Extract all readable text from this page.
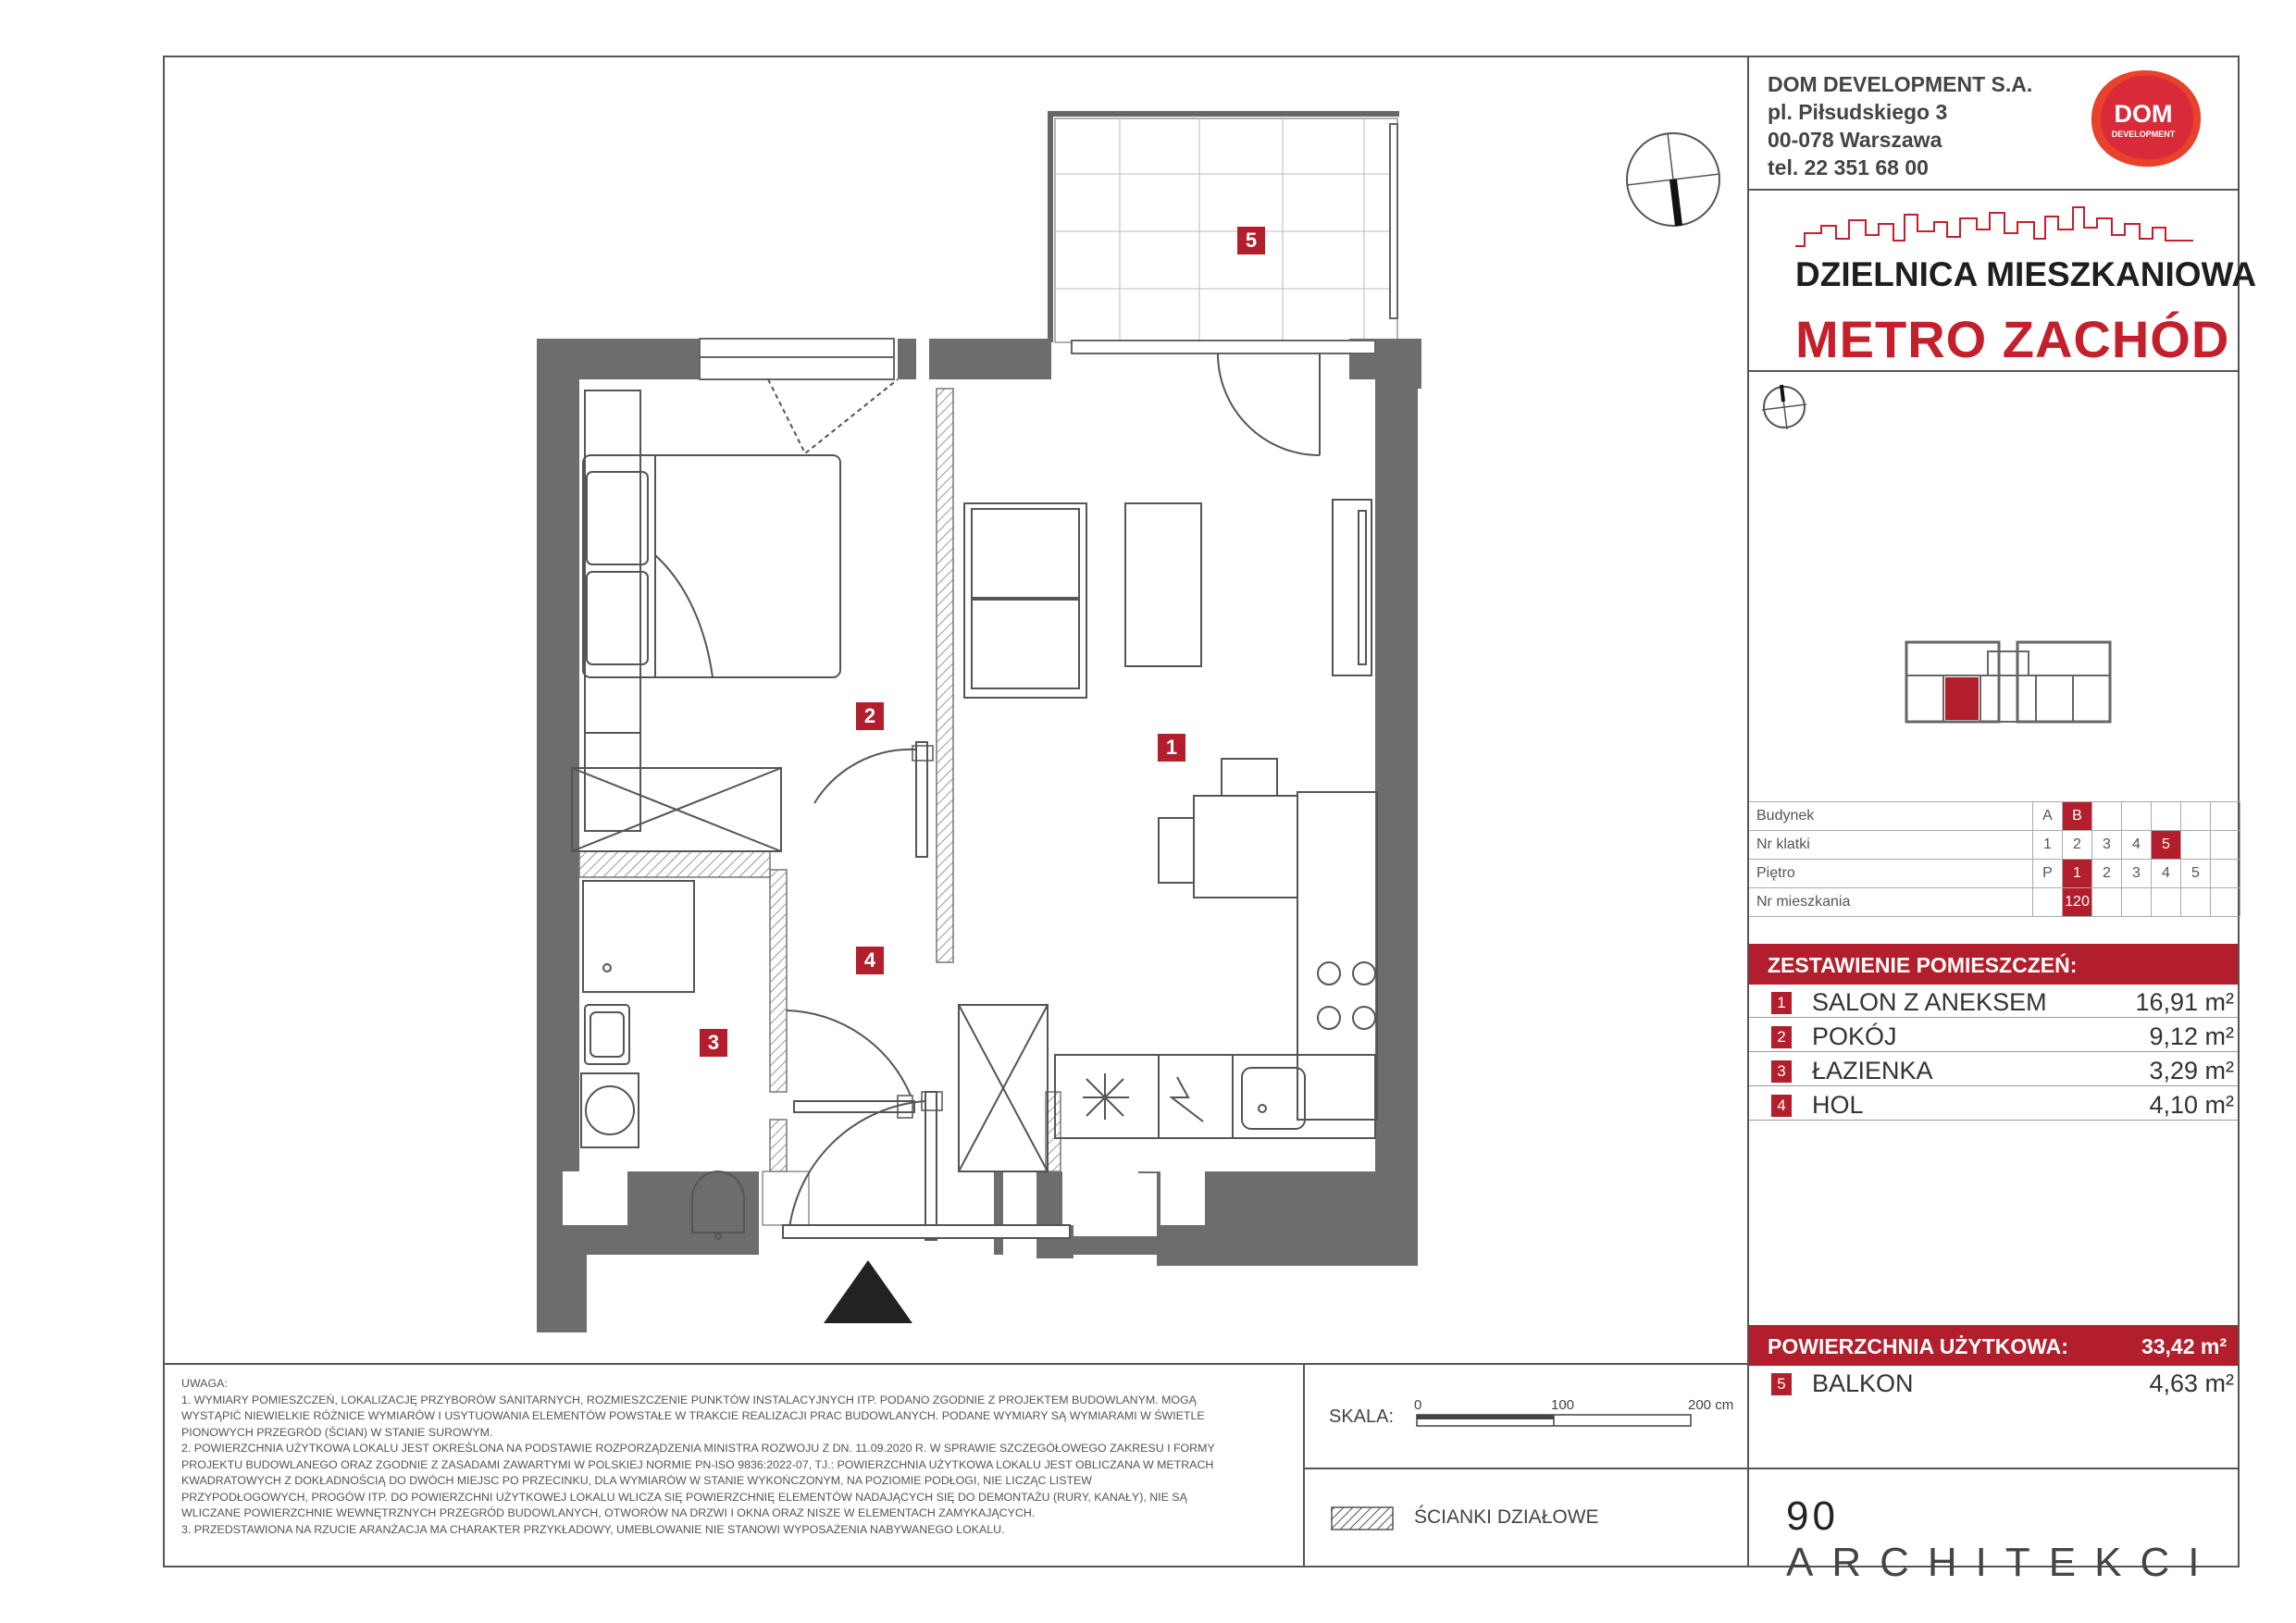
DOM DEVELOPMENT S.A.
pl. Piłsudskiego 3
00-078 Warszawa
tel. 22 351 68 00
DOM
DEVELOPMENT
DZIELNICA MIESZKANIOWA
METRO ZACHÓD
Budynek	A	B					
Nr klatki	1	2	3	4	5		
Piętro	P	1	2	3	4	5	
Nr mieszkania		120					
ZESTAWIENIE POMIESZCZEŃ:
1 SALON Z ANEKSEM	16,91 m²
2 POKÓJ	9,12 m²
3 ŁAZIENKA	3,29 m²
4 HOL	4,10 m²
POWIERZCHNIA UŻYTKOWA:	33,42 m²
5 BALKON	4,63 m²
UWAGA:
1. WYMIARY POMIESZCZEŃ, LOKALIZACJĘ PRZYBORÓW SANITARNYCH, ROZMIESZCZENIE PUNKTÓW INSTALACYJNYCH ITP. PODANO ZGODNIE Z PROJEKTEM BUDOWLANYM. MOGĄ
WYSTĄPIĆ NIEWIELKIE RÓŻNICE WYMIARÓW I USYTUOWANIA ELEMENTÓW POWSTAŁE W TRAKCIE REALIZACJI PRAC BUDOWLANYCH. PODANE WYMIARY SĄ WYMIARAMI W ŚWIETLE
PIONOWYCH PRZEGRÓD (ŚCIAN) W STANIE SUROWYM.
2. POWIERZCHNIA UŻYTKOWA LOKALU JEST OKREŚLONA NA PODSTAWIE ROZPORZĄDZENIA MINISTRA ROZWOJU Z DN. 11.09.2020 R. W SPRAWIE SZCZEGÓŁOWEGO ZAKRESU I FORMY
PROJEKTU BUDOWLANEGO ORAZ ZGODNIE Z ZASADAMI ZAWARTYMI W POLSKIEJ NORMIE PN-ISO 9836:2022-07, TJ.: POWIERZCHNIA UŻYTKOWA LOKALU JEST OBLICZANA W METRACH
KWADRATOWYCH Z DOKŁADNOŚCIĄ DO DWÓCH MIEJSC PO PRZECINKU, DLA WYMIARÓW W STANIE WYKOŃCZONYM, NA POZIOMIE PODŁOGI, NIE LICZĄC LISTEW
PRZYPODŁOGOWYCH, PROGÓW ITP. DO POWIERZCHNI UŻYTKOWEJ LOKALU WLICZA SIĘ POWIERZCHNIĘ ELEMENTÓW NADAJĄCYCH SIĘ DO DEMONTAŻU (RURY, KANAŁY), NIE SĄ
WLICZANE POWIERZCHNIE WEWNĘTRZNYCH PRZEGRÓD BUDOWLANYCH, OTWORÓW NA DRZWI I OKNA ORAZ NISZE W ELEMENTACH ZAMYKAJĄCYCH.
3. PRZEDSTAWIONA NA RZUCIE ARANŻACJA MA CHARAKTER PRZYKŁADOWY, UMEBLOWANIE NIE STANOWI WYPOSAŻENIA NABYWANEGO LOKALU.
SKALA:
0	100	200 cm
ŚCIANKI DZIAŁOWE	90 ARCHITEKCI
1
2
3
4
5
